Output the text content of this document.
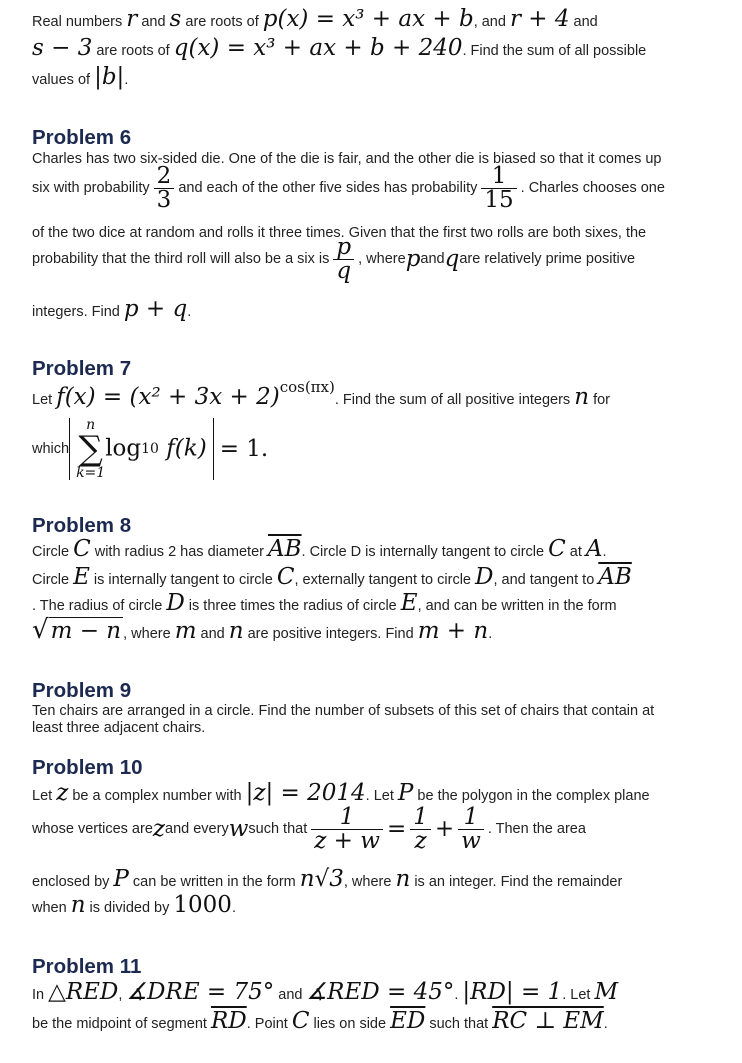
Real numbers r and s are roots of p(x) = x³ + ax + b, and r + 4 and
s − 3 are roots of q(x) = x³ + ax + b + 240. Find the sum of all possible
values of |b|.
Problem 6
Charles has two six-sided die. One of the die is fair, and the other die is biased so that it comes up
six with probability $\frac{2}{3}$ and each of the other five sides has probability $\frac{1}{15}$ . Charles chooses one
of the two dice at random and rolls it three times. Given that the first two rolls are both sixes, the
probability that the third roll will also be a six is $\frac{p}{q}$ , wherepandqare relatively prime positive
integers. Find p + q.
Problem 7
Let $f(x) = (x^2 + 3x + 2)^{cos(\pi x)}$. Find the sum of all positive integers n for
which
n
∑
k=1
log10 f(k) = 1.
Problem 8
Circle C with radius 2 has diameter $\overline{AB}$. Circle D is internally tangent to circle C at A.
Circle E is internally tangent to circle C, externally tangent to circle D, and tangent to $\overline{AB}$
. The radius of circle D is three times the radius of circle E, and can be written in the form
√m − n , where m and n are positive integers. Find m + n.
Problem 9
Ten chairs are arranged in a circle. Find the number of subsets of this set of chairs that contain at
least three adjacent chairs.
Problem 10
Let z be a complex number with |z| = 2014. Let P be the polygon in the complex plane
whose vertices arezand everywsuch that $\frac{1}{z + w} = \frac{1}{z} + \frac{1}{w}$ . Then the area
enclosed by P can be written in the form n√3, where n is an integer. Find the remainder
when n is divided by 1000.
Problem 11
In △RED, ∡DRE = 75° and ∡RED = 45°. |RD| = 1. Let M
be the midpoint of segment $\overline{RD}$. Point C lies on side $\overline{ED}$ such that RC ⊥ EM.
